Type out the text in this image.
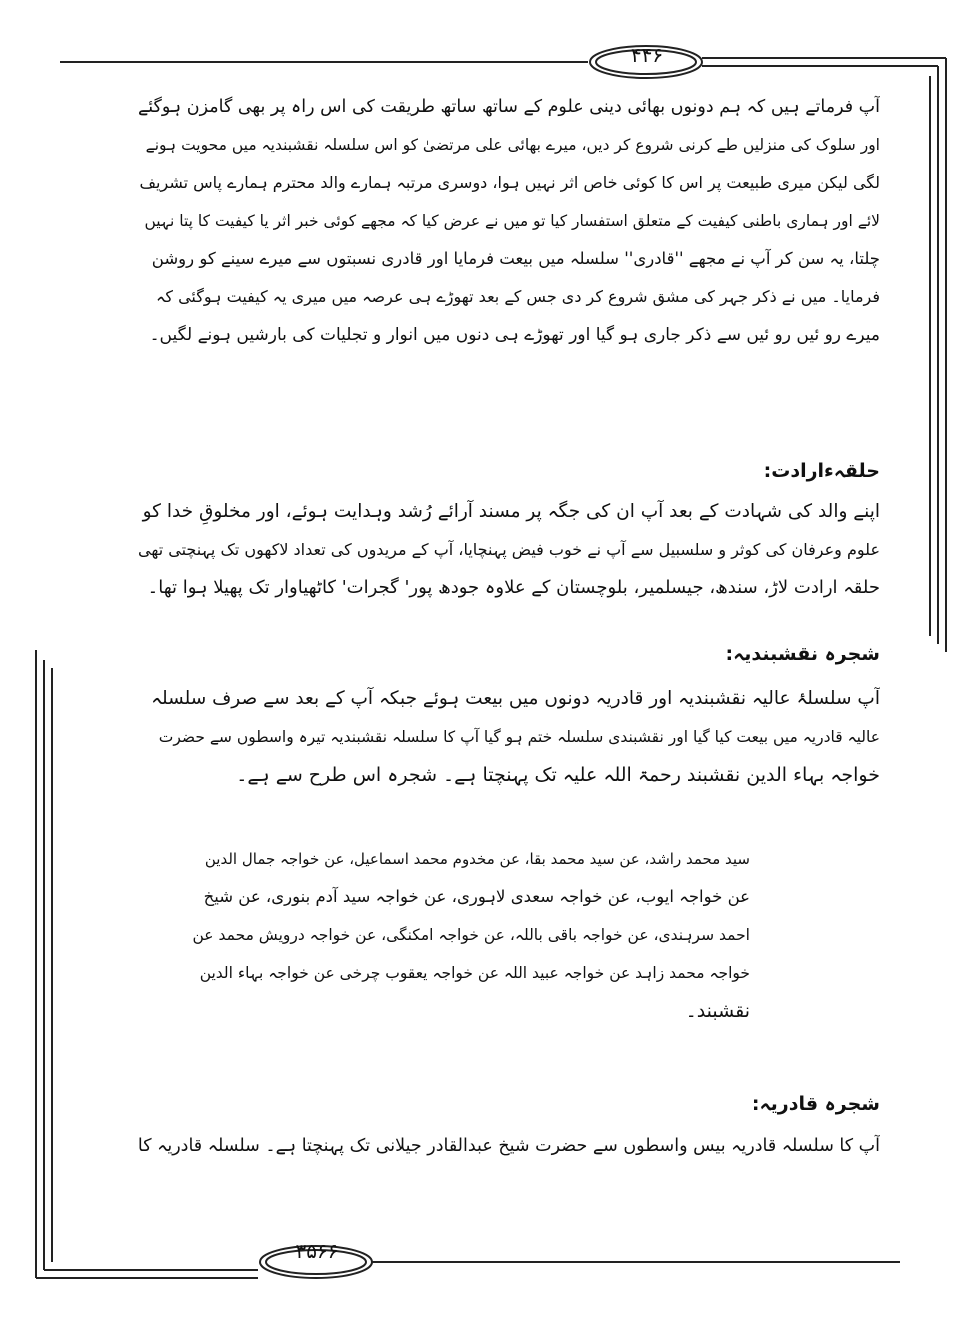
۴۴۶
۳۵۶۶
آپ فرماتے ہیں کہ ہم دونوں بھائی دینی علوم کے ساتھ ساتھ طریقت کی اس راہ پر بھی گامزن ہوگئے
اور سلوک کی منزلیں طے کرنی شروع کر دیں، میرے بھائی علی مرتضیٰ کو اس سلسلہ نقشبندیہ میں محویت ہونے
لگی لیکن میری طبیعت پر اس کا کوئی خاص اثر نہیں ہوا، دوسری مرتبہ ہمارے والد محترم ہمارے پاس تشریف
لائے اور ہماری باطنی کیفیت کے متعلق استفسار کیا تو میں نے عرض کیا کہ مجھے کوئی خبر اثر یا کیفیت کا پتا نہیں
چلتا، یہ سن کر آپ نے مجھے ''قادری'' سلسلہ میں بیعت فرمایا اور قادری نسبتوں سے میرے سینے کو روشن
فرمایا۔ میں نے ذکر جہر کی مشق شروع کر دی جس کے بعد تھوڑے ہی عرصہ میں میری یہ کیفیت ہوگئی کہ
میرے رو ئیں رو ئیں سے ذکر جاری ہو گیا اور تھوڑے ہی دنوں میں انوار و تجلیات کی بارشیں ہونے لگیں۔
حلقہءارادت:
اپنے والد کی شہادت کے بعد آپ ان کی جگہ پر مسند آرائے رُشد وہدایت ہوئے، اور مخلوقِ خدا کو
علوم وعرفان کی کوثر و سلسبیل سے آپ نے خوب فیض پہنچایا، آپ کے مریدوں کی تعداد لاکھوں تک پہنچتی تھی
حلقہ ارادت لاڑ، سندھ، جیسلمیر، بلوچستان کے علاوہ جودھ پور' گجرات' کاٹھیاوار تک پھیلا ہوا تھا۔
شجرہ نقشبندیہ:
آپ سلسلۂ عالیہ نقشبندیہ اور قادریہ دونوں میں بیعت ہوئے جبکہ آپ کے بعد سے صرف سلسلہ
عالیہ قادریہ میں بیعت کیا گیا اور نقشبندی سلسلہ ختم ہو گیا آپ کا سلسلہ نقشبندیہ تیرہ واسطوں سے حضرت
خواجہ بہاء الدین نقشبند رحمۃ اللہ علیہ تک پہنچتا ہے۔ شجرہ اس طرح سے ہے۔
سید محمد راشد، عن سید محمد بقا، عن مخدوم محمد اسماعیل، عن خواجہ جمال الدین
عن خواجہ ایوب، عن خواجہ سعدی لاہوری، عن خواجہ سید آدم بنوری، عن شیخ
احمد سرہندی، عن خواجہ باقی باللہ، عن خواجہ امکنگی، عن خواجہ درویش محمد عن
خواجہ محمد زاہد عن خواجہ عبید اللہ عن خواجہ یعقوب چرخی عن خواجہ بہاء الدین
نقشبند۔
شجرہ قادریہ:
آپ کا سلسلہ قادریہ بیس واسطوں سے حضرت شیخ عبدالقادر جیلانی تک پہنچتا ہے۔ سلسلہ قادریہ کا
